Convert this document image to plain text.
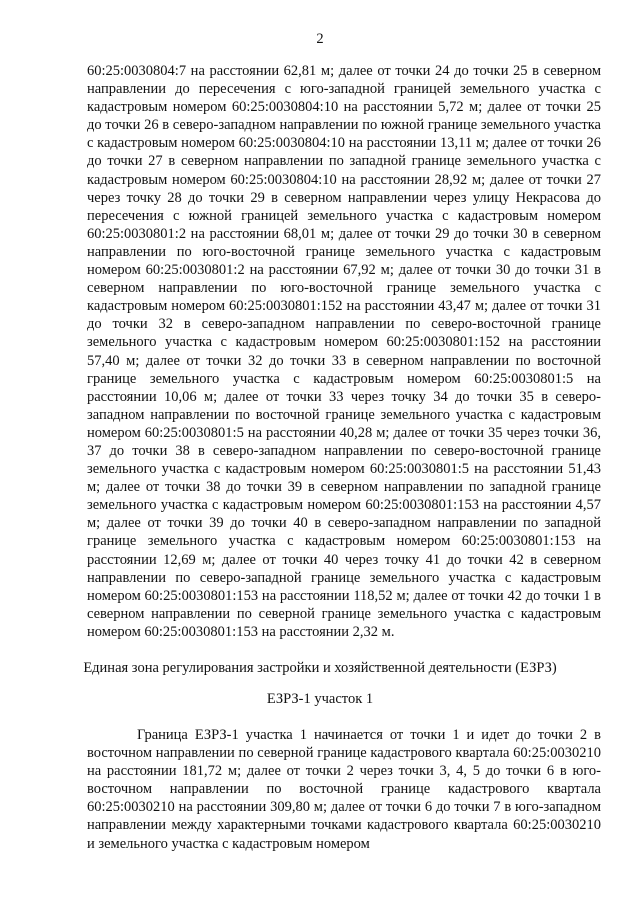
2

60:25:0030804:7 на расстоянии 62,81 м; далее от точки 24 до точки 25 в северном направлении до пересечения с юго-западной границей земельного участка с кадастровым номером 60:25:0030804:10 на расстоянии 5,72 м; далее от точки 25 до точки 26 в северо-западном направлении по южной границе земельного участка с кадастровым номером 60:25:0030804:10 на расстоянии 13,11 м; далее от точки 26 до точки 27 в северном направлении по западной границе земельного участка с кадастровым номером 60:25:0030804:10 на расстоянии 28,92 м; далее от точки 27 через точку 28 до точки 29 в северном направлении через улицу Некрасова до пересечения с южной границей земельного участка с кадастровым номером 60:25:0030801:2 на расстоянии 68,01 м; далее от точки 29 до точки 30 в северном направлении по юго-восточной границе земельного участка с кадастровым номером 60:25:0030801:2 на расстоянии 67,92 м; далее от точки 30 до точки 31 в северном направлении по юго-восточной границе земельного участка с кадастровым номером 60:25:0030801:152 на расстоянии 43,47 м; далее от точки 31 до точки 32 в северо-западном направлении по северо-восточной границе земельного участка с кадастровым номером 60:25:0030801:152 на расстоянии 57,40 м; далее от точки 32 до точки 33 в северном направлении по восточной границе земельного участка с кадастровым номером 60:25:0030801:5 на расстоянии 10,06 м; далее от точки 33 через точку 34 до точки 35 в северо-западном направлении по восточной границе земельного участка с кадастровым номером 60:25:0030801:5 на расстоянии 40,28 м; далее от точки 35 через точки 36, 37 до точки 38 в северо-западном направлении по северо-восточной границе земельного участка с кадастровым номером 60:25:0030801:5 на расстоянии 51,43 м; далее от точки 38 до точки 39 в северном направлении по западной границе земельного участка с кадастровым номером 60:25:0030801:153 на расстоянии 4,57 м; далее от точки 39 до точки 40 в северо-западном направлении по западной границе земельного участка с кадастровым номером 60:25:0030801:153 на расстоянии 12,69 м; далее от точки 40 через точку 41 до точки 42 в северном направлении по северо-западной границе земельного участка с кадастровым номером 60:25:0030801:153 на расстоянии 118,52 м; далее от точки 42 до точки 1 в северном направлении по северной границе земельного участка с кадастровым номером 60:25:0030801:153 на расстоянии 2,32 м.

Единая зона регулирования застройки и хозяйственной деятельности (ЕЗРЗ)
ЕЗРЗ-1 участок 1

Граница ЕЗРЗ-1 участка 1 начинается от точки 1 и идет до точки 2 в восточном направлении по северной границе кадастрового квартала 60:25:0030210 на расстоянии 181,72 м; далее от точки 2 через точки 3, 4, 5 до точки 6 в юго-восточном направлении по восточной границе кадастрового квартала 60:25:0030210 на расстоянии 309,80 м; далее от точки 6 до точки 7 в юго-западном направлении между характерными точками кадастрового квартала 60:25:0030210 и земельного участка с кадастровым номером
